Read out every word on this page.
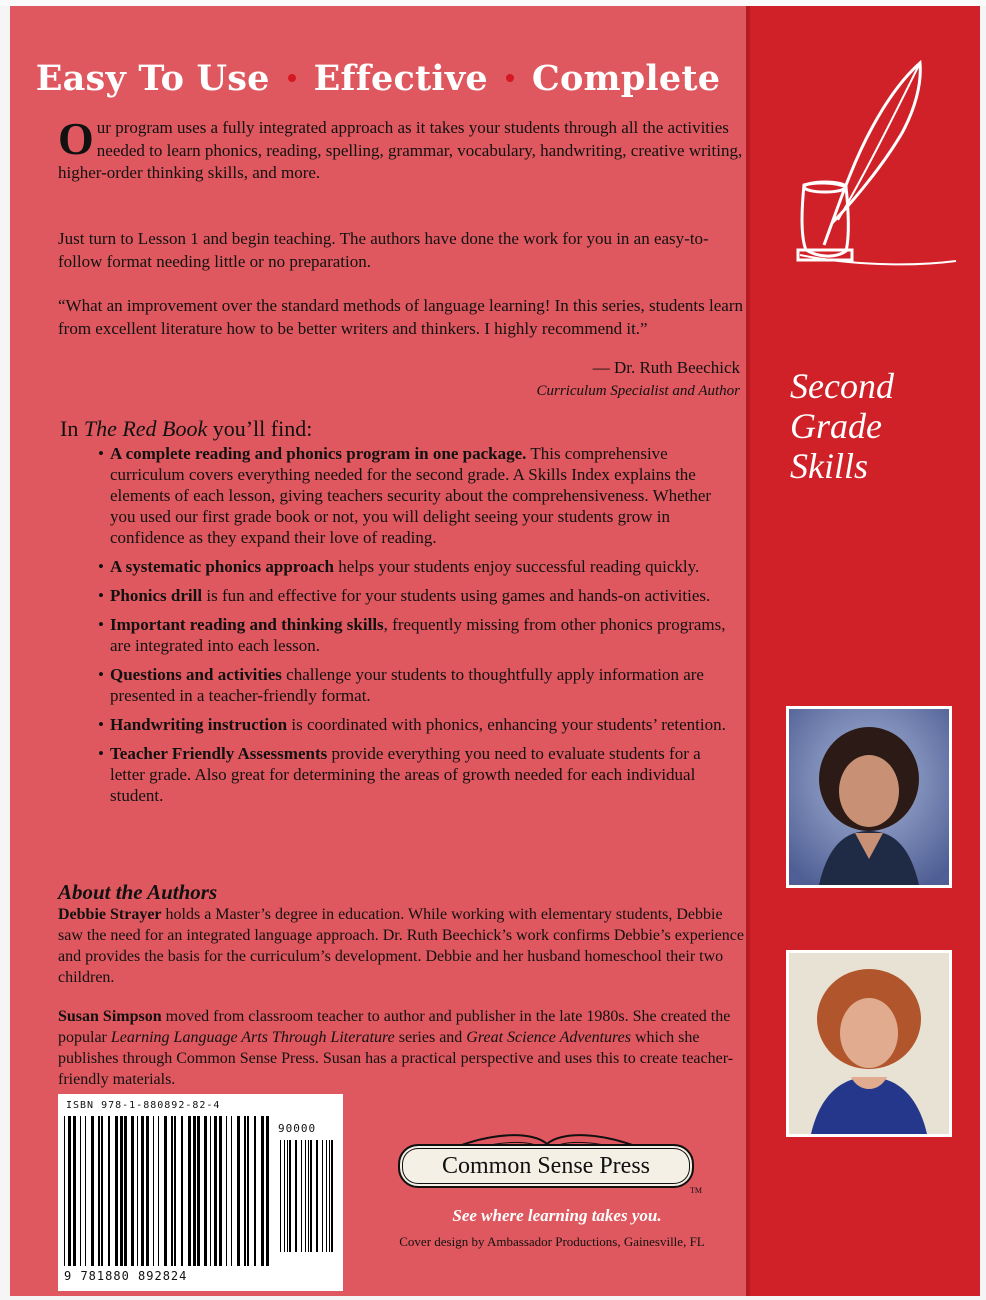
Easy To Use Effective Complete

Our program uses a fully integrated approach as it takes your students through all the activities needed to learn phonics, reading, spelling, grammar, vocabulary, handwriting, creative writing, higher-order thinking skills, and more.

Just turn to Lesson 1 and begin teaching. The authors have done the work for you in an easy-to-follow format needing little or no preparation.

“What an improvement over the standard methods of language learning! In this series, students learn from excellent literature how to be better writers and thinkers. I highly recommend it.”

— Dr. Ruth Beechick
Curriculum Specialist and Author
In The Red Book you’ll find:
• A complete reading and phonics program in one package. This comprehensive curriculum covers everything needed for the second grade. A Skills Index explains the elements of each lesson, giving teachers security about the comprehensiveness. Whether you used our first grade book or not, you will delight seeing your students grow in confidence as they expand their love of reading.
• A systematic phonics approach helps your students enjoy successful reading quickly.
• Phonics drill is fun and effective for your students using games and hands-on activities.
• Important reading and thinking skills, frequently missing from other phonics programs, are integrated into each lesson.
• Questions and activities challenge your students to thoughtfully apply information are presented in a teacher-friendly format.
• Handwriting instruction is coordinated with phonics, enhancing your students’ retention.
• Teacher Friendly Assessments provide everything you need to evaluate students for a letter grade. Also great for determining the areas of growth needed for each individual student.
About the Authors

Debbie Strayer holds a Master’s degree in education. While working with elementary students, Debbie saw the need for an integrated language approach. Dr. Ruth Beechick’s work confirms Debbie’s experience and provides the basis for the curriculum’s development. Debbie and her husband homeschool their two children.

Susan Simpson moved from classroom teacher to author and publisher in the late 1980s. She created the popular Learning Language Arts Through Literature series and Great Science Adventures which she publishes through Common Sense Press. Susan has a practical perspective and uses this to create teacher-friendly materials.

ISBN 978-1-880892-82-4
90000
9 781880 892824
Common Sense Press
TM
See where learning takes you.
Cover design by Ambassador Productions, Gainesville, FL
Second
Grade
Skills
